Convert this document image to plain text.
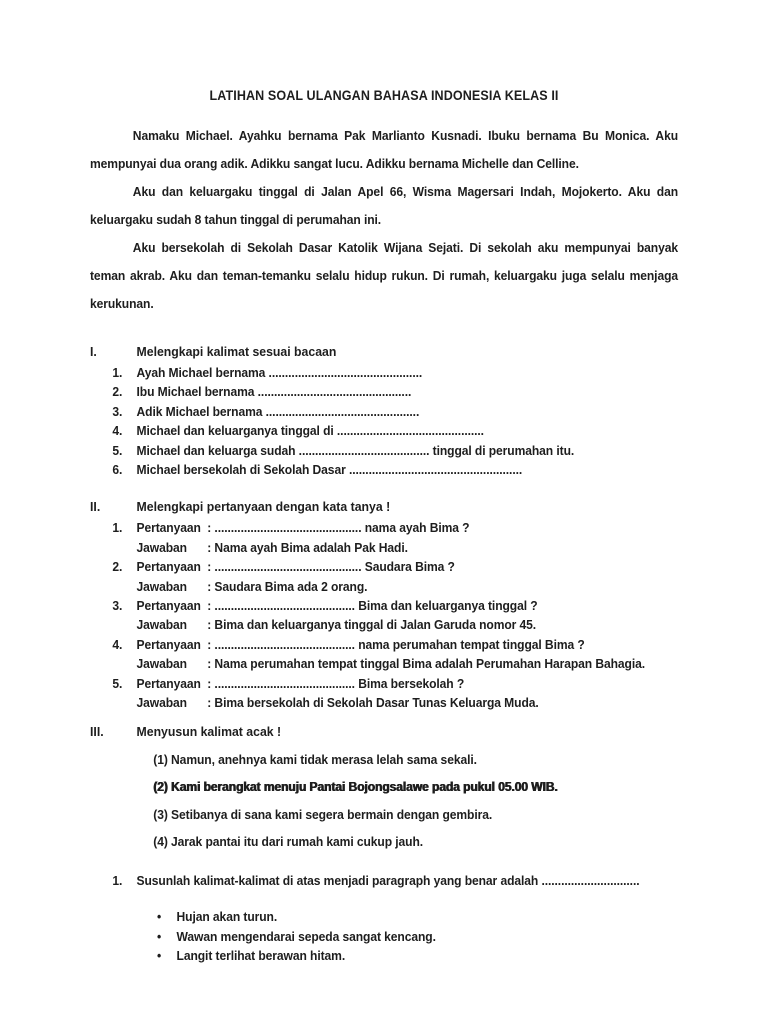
LATIHAN SOAL ULANGAN BAHASA INDONESIA KELAS II

Namaku Michael. Ayahku bernama Pak Marlianto Kusnadi. Ibuku bernama Bu Monica. Aku mempunyai dua orang adik. Adikku sangat lucu. Adikku bernama Michelle dan Celline.

Aku dan keluargaku tinggal di Jalan Apel 66, Wisma Magersari Indah, Mojokerto. Aku dan keluargaku sudah 8 tahun tinggal di perumahan ini.

Aku bersekolah di Sekolah Dasar Katolik Wijana Sejati. Di sekolah aku mempunyai banyak teman akrab. Aku dan teman-temanku selalu hidup rukun. Di rumah, keluargaku juga selalu menjaga kerukunan.

I.	Melengkapi kalimat sesuai bacaan
1.	Ayah Michael bernama ...............................................
2.	Ibu Michael bernama ...............................................
3.	Adik Michael bernama ...............................................
4.	Michael dan keluarganya tinggal di .............................................
5.	Michael dan keluarga sudah ........................................ tinggal di perumahan itu.
6.	Michael bersekolah di Sekolah Dasar .....................................................
II.	Melengkapi pertanyaan dengan kata tanya !
1.	Pertanyaan : ............................................. nama ayah Bima ?
Jawaban	: Nama ayah Bima adalah Pak Hadi.
2.	Pertanyaan : ............................................. Saudara Bima ?
Jawaban	: Saudara Bima ada 2 orang.
3.	Pertanyaan : ........................................... Bima dan keluarganya tinggal ?
Jawaban	: Bima dan keluarganya tinggal di Jalan Garuda nomor 45.
4.	Pertanyaan : ........................................... nama perumahan tempat tinggal Bima ?
Jawaban	: Nama perumahan tempat tinggal Bima adalah Perumahan Harapan Bahagia.
5.	Pertanyaan : ........................................... Bima bersekolah ?
Jawaban	: Bima bersekolah di Sekolah Dasar Tunas Keluarga Muda.
III.	Menyusun kalimat acak !

(1) Namun, anehnya kami tidak merasa lelah sama sekali.

(2) Kami berangkat menuju Pantai Bojongsalawe pada pukul 05.00 WIB.

(3) Setibanya di sana kami segera bermain dengan gembira.

(4) Jarak pantai itu dari rumah kami cukup jauh.

1.	Susunlah kalimat-kalimat di atas menjadi paragraph yang benar adalah ..............................
• Hujan akan turun.
• Wawan mengendarai sepeda sangat kencang.
• Langit terlihat berawan hitam.
